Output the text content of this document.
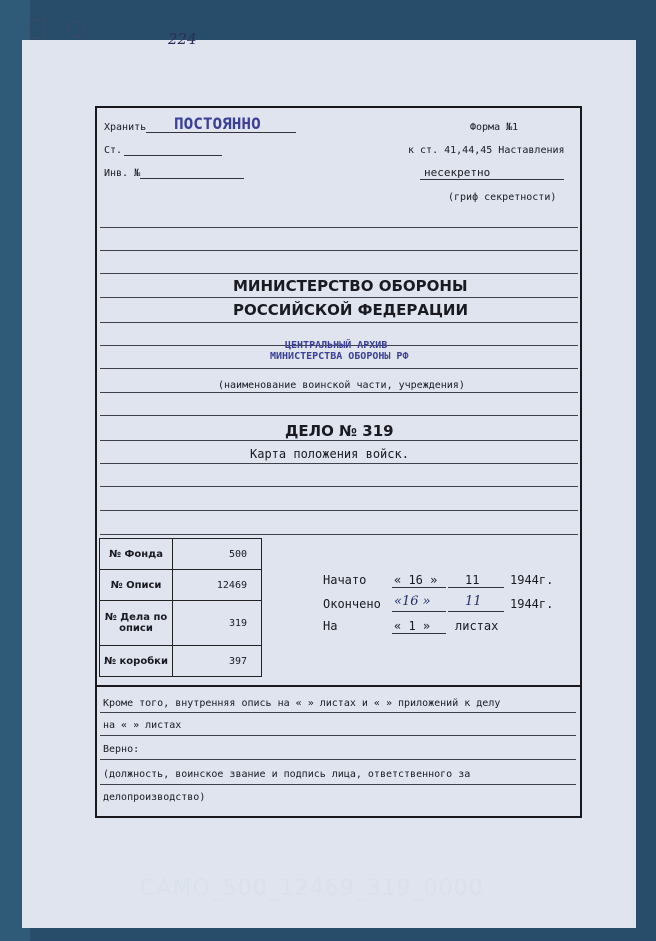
224
Хранить ПОСТОЯННО	Форма №1
Ст.	к ст. 41,44,45 Наставления
Инв. №	несекретно
(гриф секретности)
МИНИСТЕРСТВО ОБОРОНЫ
РОССИЙСКОЙ ФЕДЕРАЦИИ
ЦЕНТРАЛЬНЫЙ АРХИВ
МИНИСТЕРСТВА ОБОРОНЫ РФ
(наименование воинской части, учреждения)
ДЕЛО № 319
Карта положения войск.
№ Фонда	500
№ Описи	12469
№ Дела по описи	319
№ коробки	397
Начато « 16 » 11	1944г.
Окончено «16 »	11 1944г.
На	« 1 » листах
Кроме того, внутренняя опись на « » листах и « » приложений к делу
на « » листах
Верно:
(должность, воинское звание и подпись лица, ответственного за
делопроизводство)
CAMO_500_12469_319_0000
